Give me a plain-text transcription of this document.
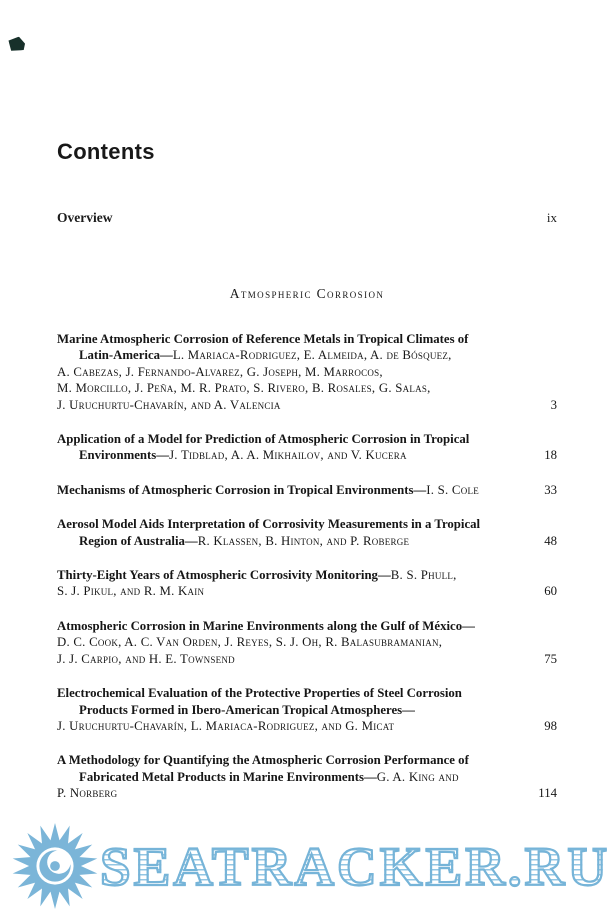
Contents
Overview	ix
Atmospheric Corrosion
Marine Atmospheric Corrosion of Reference Metals in Tropical Climates of
Latin-America—L. Mariaca-Rodriguez, E. Almeida, A. de Bósquez,
A. Cabezas, J. Fernando-Alvarez, G. Joseph, M. Marrocos,
M. Morcillo, J. Peña, M. R. Prato, S. Rivero, B. Rosales, G. Salas,
J. Uruchurtu-Chavarín, and A. Valencia	3
Application of a Model for Prediction of Atmospheric Corrosion in Tropical
Environments—J. Tidblad, A. A. Mikhailov, and V. Kucera	18
Mechanisms of Atmospheric Corrosion in Tropical Environments—I. S. Cole	33
Aerosol Model Aids Interpretation of Corrosivity Measurements in a Tropical
Region of Australia—R. Klassen, B. Hinton, and P. Roberge	48
Thirty-Eight Years of Atmospheric Corrosivity Monitoring—B. S. Phull,
S. J. Pikul, and R. M. Kain	60
Atmospheric Corrosion in Marine Environments along the Gulf of México—
D. C. Cook, A. C. Van Orden, J. Reyes, S. J. Oh, R. Balasubramanian,
J. J. Carpio, and H. E. Townsend	75
Electrochemical Evaluation of the Protective Properties of Steel Corrosion
Products Formed in Ibero-American Tropical Atmospheres—
J. Uruchurtu-Chavarín, L. Mariaca-Rodriguez, and G. Micat	98
A Methodology for Quantifying the Atmospheric Corrosion Performance of
Fabricated Metal Products in Marine Environments—G. A. King and
P. Norberg	114
SEATRACKER.RU
